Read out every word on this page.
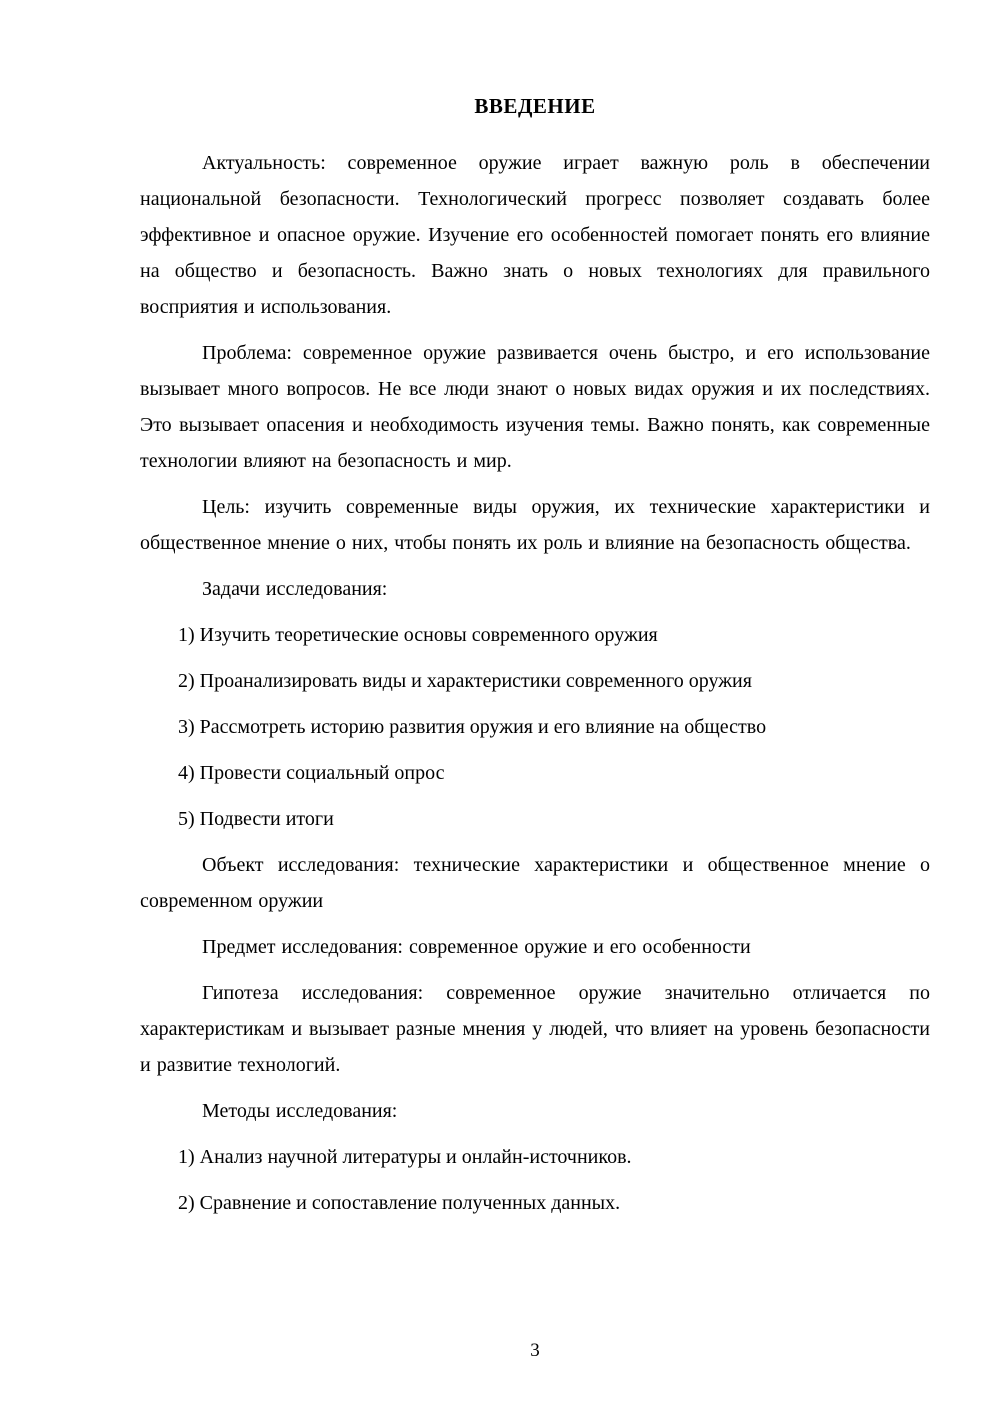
ВВЕДЕНИЕ

Актуальность: современное оружие играет важную роль в обеспечении национальной безопасности. Технологический прогресс позволяет создавать более эффективное и опасное оружие. Изучение его особенностей помогает понять его влияние на общество и безопасность. Важно знать о новых технологиях для правильного восприятия и использования.

Проблема: современное оружие развивается очень быстро, и его использование вызывает много вопросов. Не все люди знают о новых видах оружия и их последствиях. Это вызывает опасения и необходимость изучения темы. Важно понять, как современные технологии влияют на безопасность и мир.

Цель: изучить современные виды оружия, их технические характеристики и общественное мнение о них, чтобы понять их роль и влияние на безопасность общества.

Задачи исследования:

1) Изучить теоретические основы современного оружия

2) Проанализировать виды и характеристики современного оружия

3) Рассмотреть историю развития оружия и его влияние на общество

4) Провести социальный опрос

5) Подвести итоги

Объект исследования: технические характеристики и общественное мнение о современном оружии

Предмет исследования: современное оружие и его особенности

Гипотеза исследования: современное оружие значительно отличается по характеристикам и вызывает разные мнения у людей, что влияет на уровень безопасности и развитие технологий.

Методы исследования:

1) Анализ научной литературы и онлайн-источников.

2) Сравнение и сопоставление полученных данных.

3
